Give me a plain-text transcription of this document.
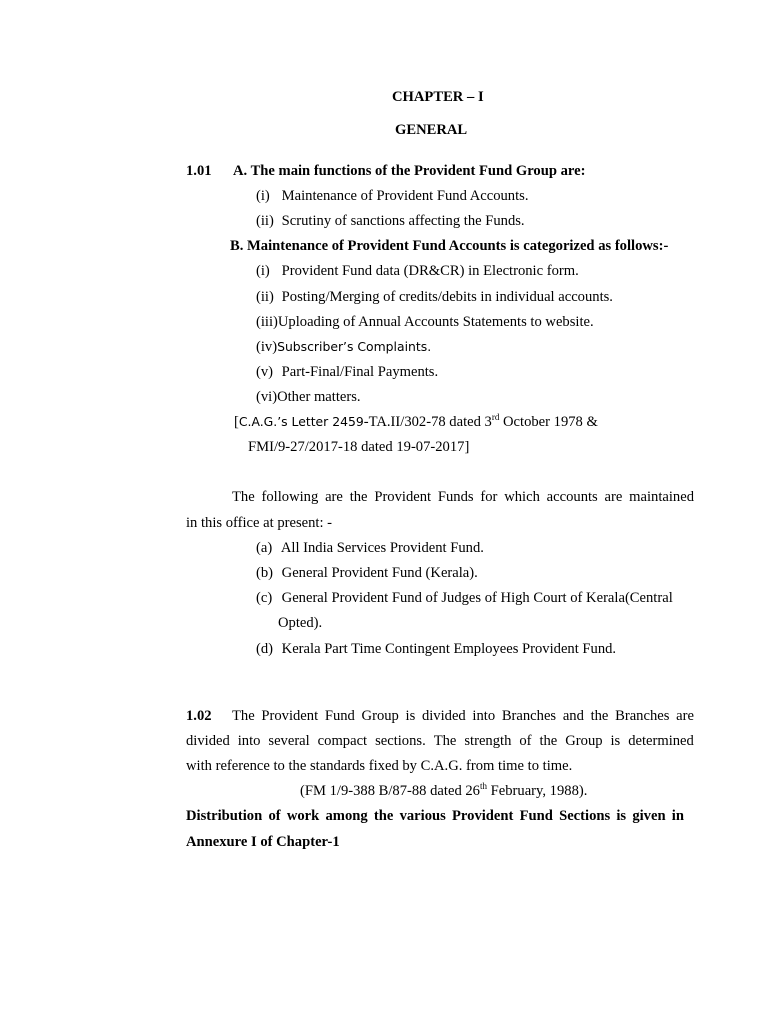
CHAPTER – I
GENERAL
1.01 A. The main functions of the Provident Fund Group are:
(i) Maintenance of Provident Fund Accounts.
(ii) Scrutiny of sanctions affecting the Funds.
B. Maintenance of Provident Fund Accounts is categorized as follows:-
(i) Provident Fund data (DR&CR) in Electronic form.
(ii) Posting/Merging of credits/debits in individual accounts.
(iii)Uploading of Annual Accounts Statements to website.
(iv)Subscriber’s Complaints.
(v) Part-Final/Final Payments.
(vi)Other matters.
[C.A.G.’s Letter 2459-TA.II/302-78 dated 3rd October 1978 &
FMI/9-27/2017-18 dated 19-07-2017]
The following are the Provident Funds for which accounts are maintained
in this office at present: -
(a) All India Services Provident Fund.
(b) General Provident Fund (Kerala).
(c) General Provident Fund of Judges of High Court of Kerala(Central
Opted).
(d) Kerala Part Time Contingent Employees Provident Fund.
1.02 The Provident Fund Group is divided into Branches and the Branches are
divided into several compact sections. The strength of the Group is determined
with reference to the standards fixed by C.A.G. from time to time.
(FM 1/9-388 B/87-88 dated 26th February, 1988).
Distribution of work among the various Provident Fund Sections is given in
Annexure I of Chapter-1
